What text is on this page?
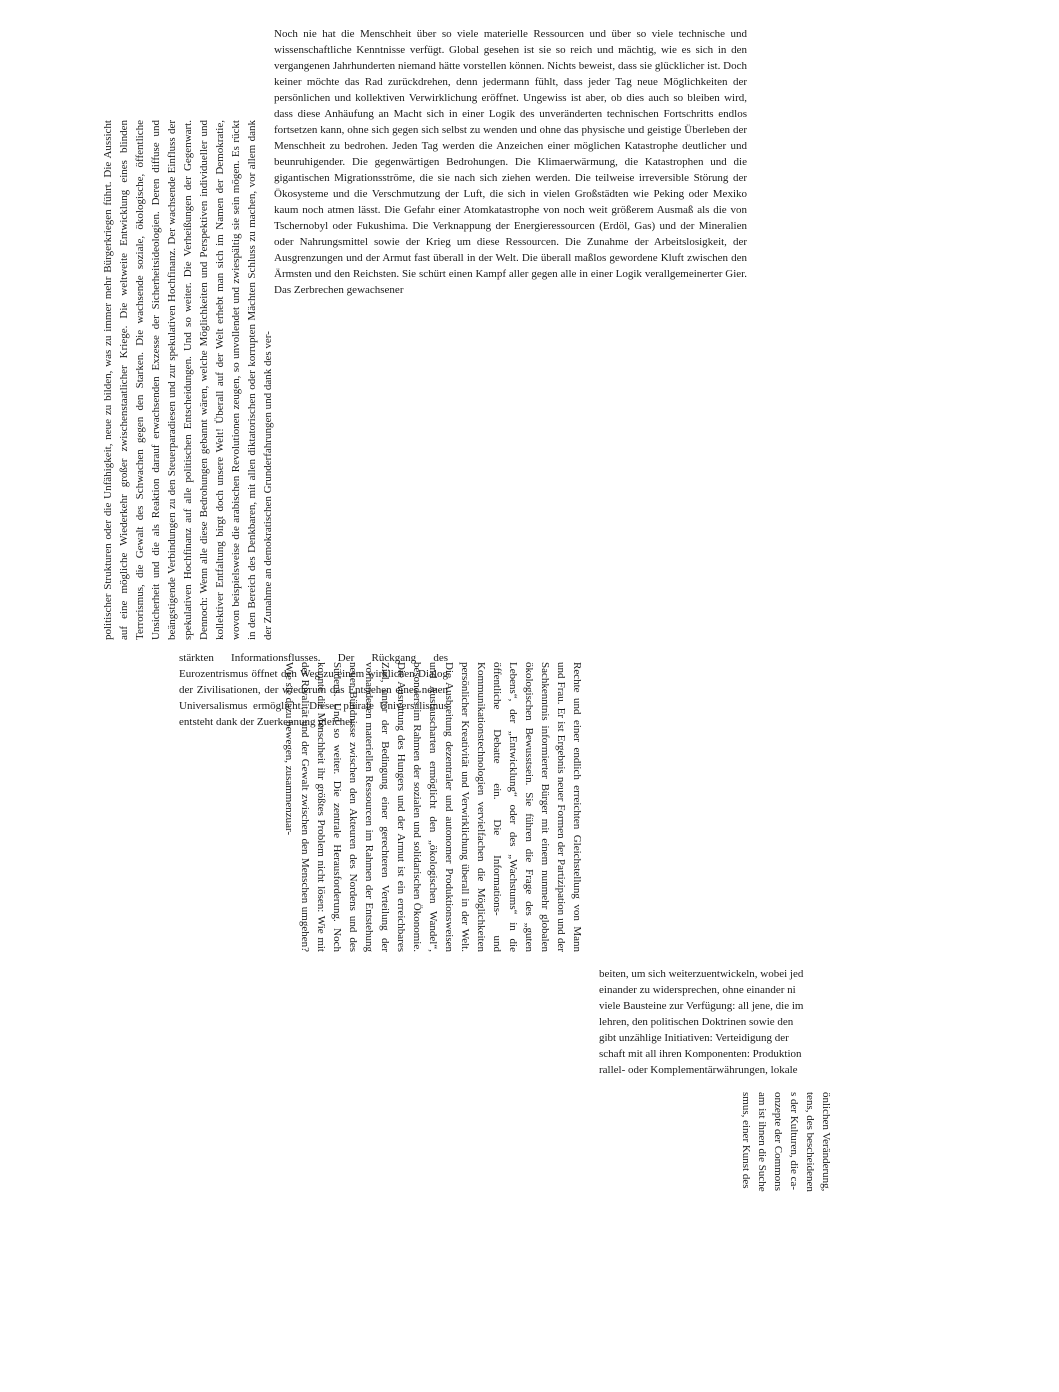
Noch nie hat die Menschheit über so viele materielle Ressourcen und über so viele technische und wissenschaftliche Kenntnisse verfügt. Global gesehen ist sie so reich und mächtig, wie es sich in den vergangenen Jahrhunderten niemand hätte vorstellen können. Nichts beweist, dass sie glücklicher ist. Doch keiner möchte das Rad zurückdrehen, denn jedermann fühlt, dass jeder Tag neue Möglichkeiten der persönlichen und kollektiven Verwirklichung eröffnet. Ungewiss ist aber, ob dies auch so bleiben wird, dass diese Anhäufung an Macht sich in einer Logik des unveränderten technischen Fortschritts endlos fortsetzen kann, ohne sich gegen sich selbst zu wenden und ohne das physische und geistige Überleben der Menschheit zu bedrohen. Jeden Tag werden die Anzeichen einer möglichen Katastrophe deutlicher und beunruhigender. Die gegenwärtigen Bedrohungen. Die Klimaerwärmung, die Katastrophen und die gigantischen Migrationsströme, die sie nach sich ziehen werden. Die teilweise irreversible Störung der Ökosysteme und die Verschmutzung der Luft, die sich in vielen Großstädten wie Peking oder Mexiko kaum noch atmen lässt. Die Gefahr einer Atomkatastrophe von noch weit größerem Ausmaß als die von Tschernobyl oder Fukushima. Die Verknappung der Energieressourcen (Erdöl, Gas) und der Mineralien oder Nahrungsmittel sowie der Krieg um diese Ressourcen. Die Zunahme der Arbeitslosigkeit, der Ausgrenzungen und der Armut fast überall in der Welt. Die überall maßlos gewordene Kluft zwischen den Ärmsten und den Reichsten. Sie schürt einen Kampf aller gegen alle in einer Logik verallgemeinerter Gier. Das Zerbrechen gewachsener
politischer Strukturen oder die Unfähigkeit, neue zu bilden, was zu immer mehr Bürgerkriegen führt. Die Aussicht auf eine mögliche Wiederkehr großer zwischenstaatlicher Kriege. Die weltweite Entwicklung eines blinden Terrorismus, die Gewalt des Schwachen gegen den Starken. Die wachsende soziale, ökologische, öffentliche Unsicherheit und die als Reaktion darauf erwachsenden Exzesse der Sicherheitsideologien. Deren diffuse und beängstigende Verbindungen zu den Steuerparadiesen und zur spekulativen Hochfinanz. Der wachsende Einfluss der spekulativen Hochfinanz auf alle politischen Entscheidungen. Und so weiter. Die Verheißungen der Gegenwart. Dennoch: Wenn alle diese Bedrohungen gebannt wären, welche Möglichkeiten und Perspektiven individueller und kollektiver Entfaltung birgt doch unsere Welt! Überall auf der Welt erhebt man sich im Namen der Demokratie, wovon beispielsweise die arabischen Revolutionen zeugen, so unvollendet und zwiespältig sie sein mögen. Es rückt in den Bereich des Denkbaren, mit allen diktatorischen oder korrupten Mächten Schluss zu machen, vor allem dank der Zunahme an demokratischen Grunderfahrungen und dank des ver-
stärkten Informationsflusses. Der Rückgang des Eurozentrismus öffnet den Weg zu einem wirklichen Dialog der Zivilisationen, der wiederum das Entstehen eines neuen Universalismus ermöglicht. Dieser plurale Universalismus entsteht dank der Zuerkennung gleicher	Rechte und einer endlich erreichten Gleichstellung von Mann und Frau. Er ist Ergebnis neuer Formen der Partizipation und der Sachkenntnis informierter Bürger mit einem nunmehr globalen ökologischen Bewusstsein. Sie führen die Frage des „guten Lebens“, der „Entwicklung“ oder des „Wachstums“ in die öffentliche Debatte ein. Die Informations- und Kommunikationstechnologien vervielfachen die Möglichkeiten persönlicher Kreativität und Verwirklichung überall in der Welt. Die Ausbreitung dezentraler und autonomer Produktionsweisen und Austauscharten ermöglicht den „ökologischen Wandel“, besonders im Rahmen der sozialen und solidarischen Ökonomie. Die Ausrottung des Hungers und der Armut ist ein erreichbares Ziel, unter der Bedingung einer gerechteren Verteilung der vorhandenen materiellen Ressourcen im Rahmen der Entstehung neuer Bündnisse zwischen den Akteuren des Nordens und des Südens. Und so weiter. Die zentrale Herausforderung. Noch konnte die Menschheit ihr größtes Problem nicht lösen: Wie mit der Rivalität und der Gewalt zwischen den Menschen umgehen? Wie sie dazu bewegen, zusammenzuar-
beiten, um sich weiterzuentwickeln, wobei jed
einander zu widersprechen, ohne einander ni
viele Bausteine zur Verfügung: all jene, die im
lehren, den politischen Doktrinen sowie den
gibt unzählige Initiativen: Verteidigung der
schaft mit all ihren Komponenten: Produktion
rallel- oder Komplementärwährungen, lokale
önlichen Veränderung,
tens, des bescheidenen
s der Kulturen, die ca-
onzepte der Commons
am ist ihnen die Suche
smus, einer Kunst des
